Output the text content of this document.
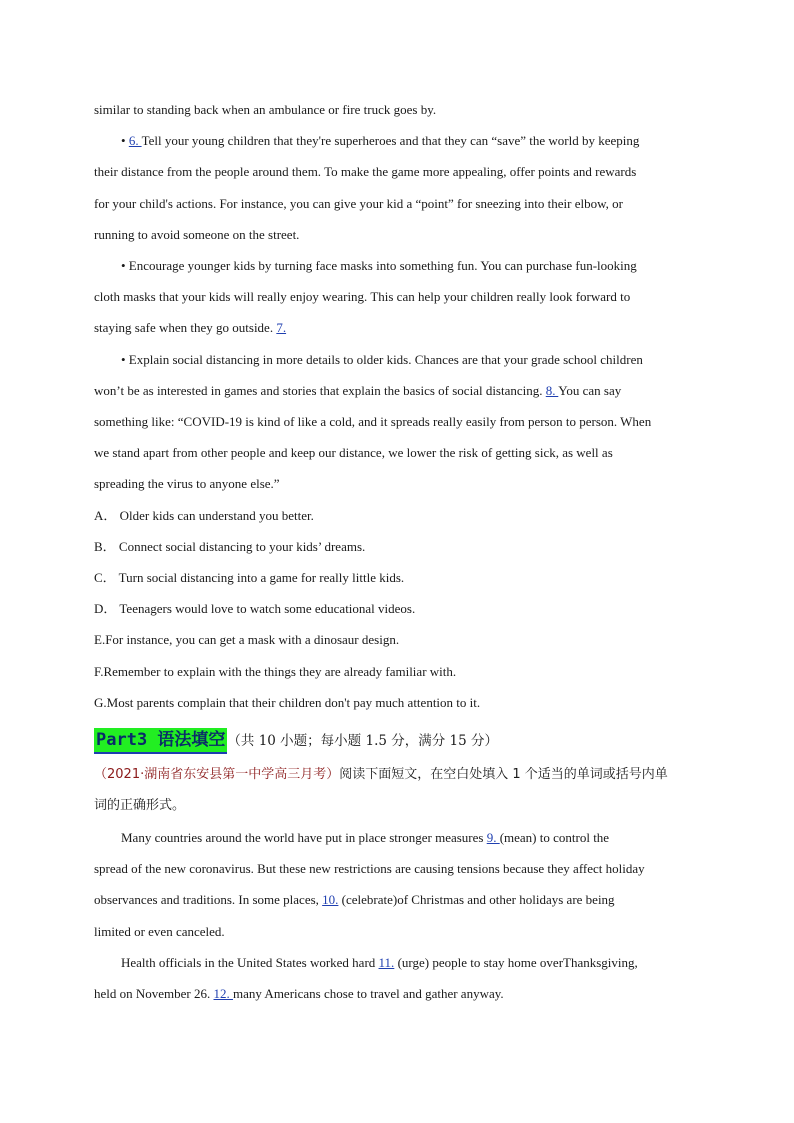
similar to standing back when an ambulance or fire truck goes by.
• 6. Tell your young children that they're superheroes and that they can “save” the world by keeping
their distance from the people around them. To make the game more appealing, offer points and rewards
for your child's actions. For instance, you can give your kid a “point” for sneezing into their elbow, or
running to avoid someone on the street.
• Encourage younger kids by turning face masks into something fun. You can purchase fun-looking
cloth masks that your kids will really enjoy wearing. This can help your children really look forward to
staying safe when they go outside. 7.
• Explain social distancing in more details to older kids. Chances are that your grade school children
won’t be as interested in games and stories that explain the basics of social distancing. 8. You can say
something like: “COVID-19 is kind of like a cold, and it spreads really easily from person to person. When
we stand apart from other people and keep our distance, we lower the risk of getting sick, as well as
spreading the virus to anyone else.”
A． Older kids can understand you better.
B． Connect social distancing to your kids’ dreams.
C． Turn social distancing into a game for really little kids.
D． Teenagers would love to watch some educational videos.
E.For instance, you can get a mask with a dinosaur design.
F.Remember to explain with the things they are already familiar with.
G.Most parents complain that their children don't pay much attention to it.
Part3 语法填空 （共 10 小题；每小题 1.5 分，满分 15 分）
（2021·湖南省东安县第一中学高三月考）阅读下面短文，在空白处填入 1 个适当的单词或括号内单
词的正确形式。
Many countries around the world have put in place stronger measures 9. (mean) to control the
spread of the new coronavirus. But these new restrictions are causing tensions because they affect holiday
observances and traditions. In some places, 10. (celebrate)of Christmas and other holidays are being
limited or even canceled.
Health officials in the United States worked hard 11. (urge) people to stay home overThanksgiving,
held on November 26. 12. many Americans chose to travel and gather anyway.
